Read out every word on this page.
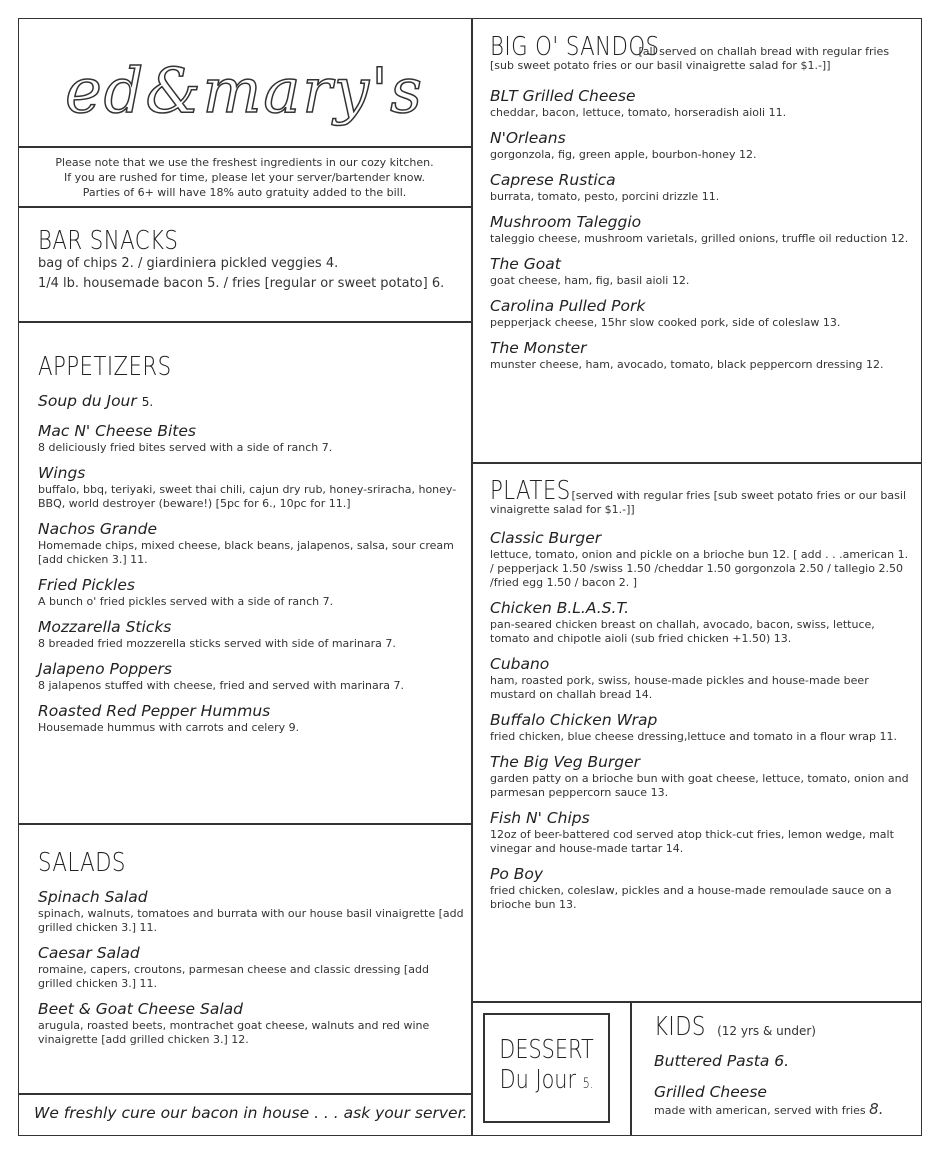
ed&mary's
Please note that we use the freshest ingredients in our cozy kitchen.
If you are rushed for time, please let your server/bartender know.
Parties of 6+ will have 18% auto gratuity added to the bill.
BAR SNACKS
bag of chips 2. / giardiniera pickled veggies 4.
1/4 lb. housemade bacon 5. / fries [regular or sweet potato] 6.
APPETIZERS
Soup du Jour 5.
Mac N' Cheese Bites
8 deliciously fried bites served with a side of ranch 7.
Wings
buffalo, bbq, teriyaki, sweet thai chili, cajun dry rub, honey-sriracha, honey-BBQ, world destroyer (beware!) [5pc for 6., 10pc for 11.]
Nachos Grande
Homemade chips, mixed cheese, black beans, jalapenos, salsa, sour cream [add chicken 3.] 11.
Fried Pickles
A bunch o' fried pickles served with a side of ranch 7.
Mozzarella Sticks
8 breaded fried mozzerella sticks served with side of marinara 7.
Jalapeno Poppers
8 jalapenos stuffed with cheese, fried and served with marinara 7.
Roasted Red Pepper Hummus
Housemade hummus with carrots and celery 9.
SALADS
Spinach Salad
spinach, walnuts, tomatoes and burrata with our house basil vinaigrette [add grilled chicken 3.] 11.
Caesar Salad
romaine, capers, croutons, parmesan cheese and classic dressing [add grilled chicken 3.] 11.
Beet & Goat Cheese Salad
arugula, roasted beets, montrachet goat cheese, walnuts and red wine vinaigrette [add grilled chicken 3.] 12.
We freshly cure our bacon in house . . . ask your server.
BIG O' SANDOS [all served on challah bread with regular fries [sub sweet potato fries or our basil vinaigrette salad for $1.-]]
BLT Grilled Cheese
cheddar, bacon, lettuce, tomato, horseradish aioli 11.
N'Orleans
gorgonzola, fig, green apple, bourbon-honey 12.
Caprese Rustica
burrata, tomato, pesto, porcini drizzle 11.
Mushroom Taleggio
taleggio cheese, mushroom varietals, grilled onions, truffle oil reduction 12.
The Goat
goat cheese, ham, fig, basil aioli 12.
Carolina Pulled Pork
pepperjack cheese, 15hr slow cooked pork, side of coleslaw 13.
The Monster
munster cheese, ham, avocado, tomato, black peppercorn dressing 12.
PLATES [served with regular fries [sub sweet potato fries or our basil vinaigrette salad for $1.-]]
Classic Burger
lettuce, tomato, onion and pickle on a brioche bun 12. [ add . . .american 1. / pepperjack 1.50 /swiss 1.50 /cheddar 1.50 gorgonzola 2.50 / tallegio 2.50 /fried egg 1.50 / bacon 2. ]
Chicken B.L.A.S.T.
pan-seared chicken breast on challah, avocado, bacon, swiss, lettuce, tomato and chipotle aioli (sub fried chicken +1.50) 13.
Cubano
ham, roasted pork, swiss, house-made pickles and house-made beer mustard on challah bread 14.
Buffalo Chicken Wrap
fried chicken, blue cheese dressing,lettuce and tomato in a flour wrap 11.
The Big Veg Burger
garden patty on a brioche bun with goat cheese, lettuce, tomato, onion and parmesan peppercorn sauce 13.
Fish N' Chips
12oz of beer-battered cod served atop thick-cut fries, lemon wedge, malt vinegar and house-made tartar 14.
Po Boy
fried chicken, coleslaw, pickles and a house-made remoulade sauce on a brioche bun 13.
DESSERT
Du Jour 5.
KIDS (12 yrs & under)
Buttered Pasta 6.
Grilled Cheese
made with american, served with fries 8.
